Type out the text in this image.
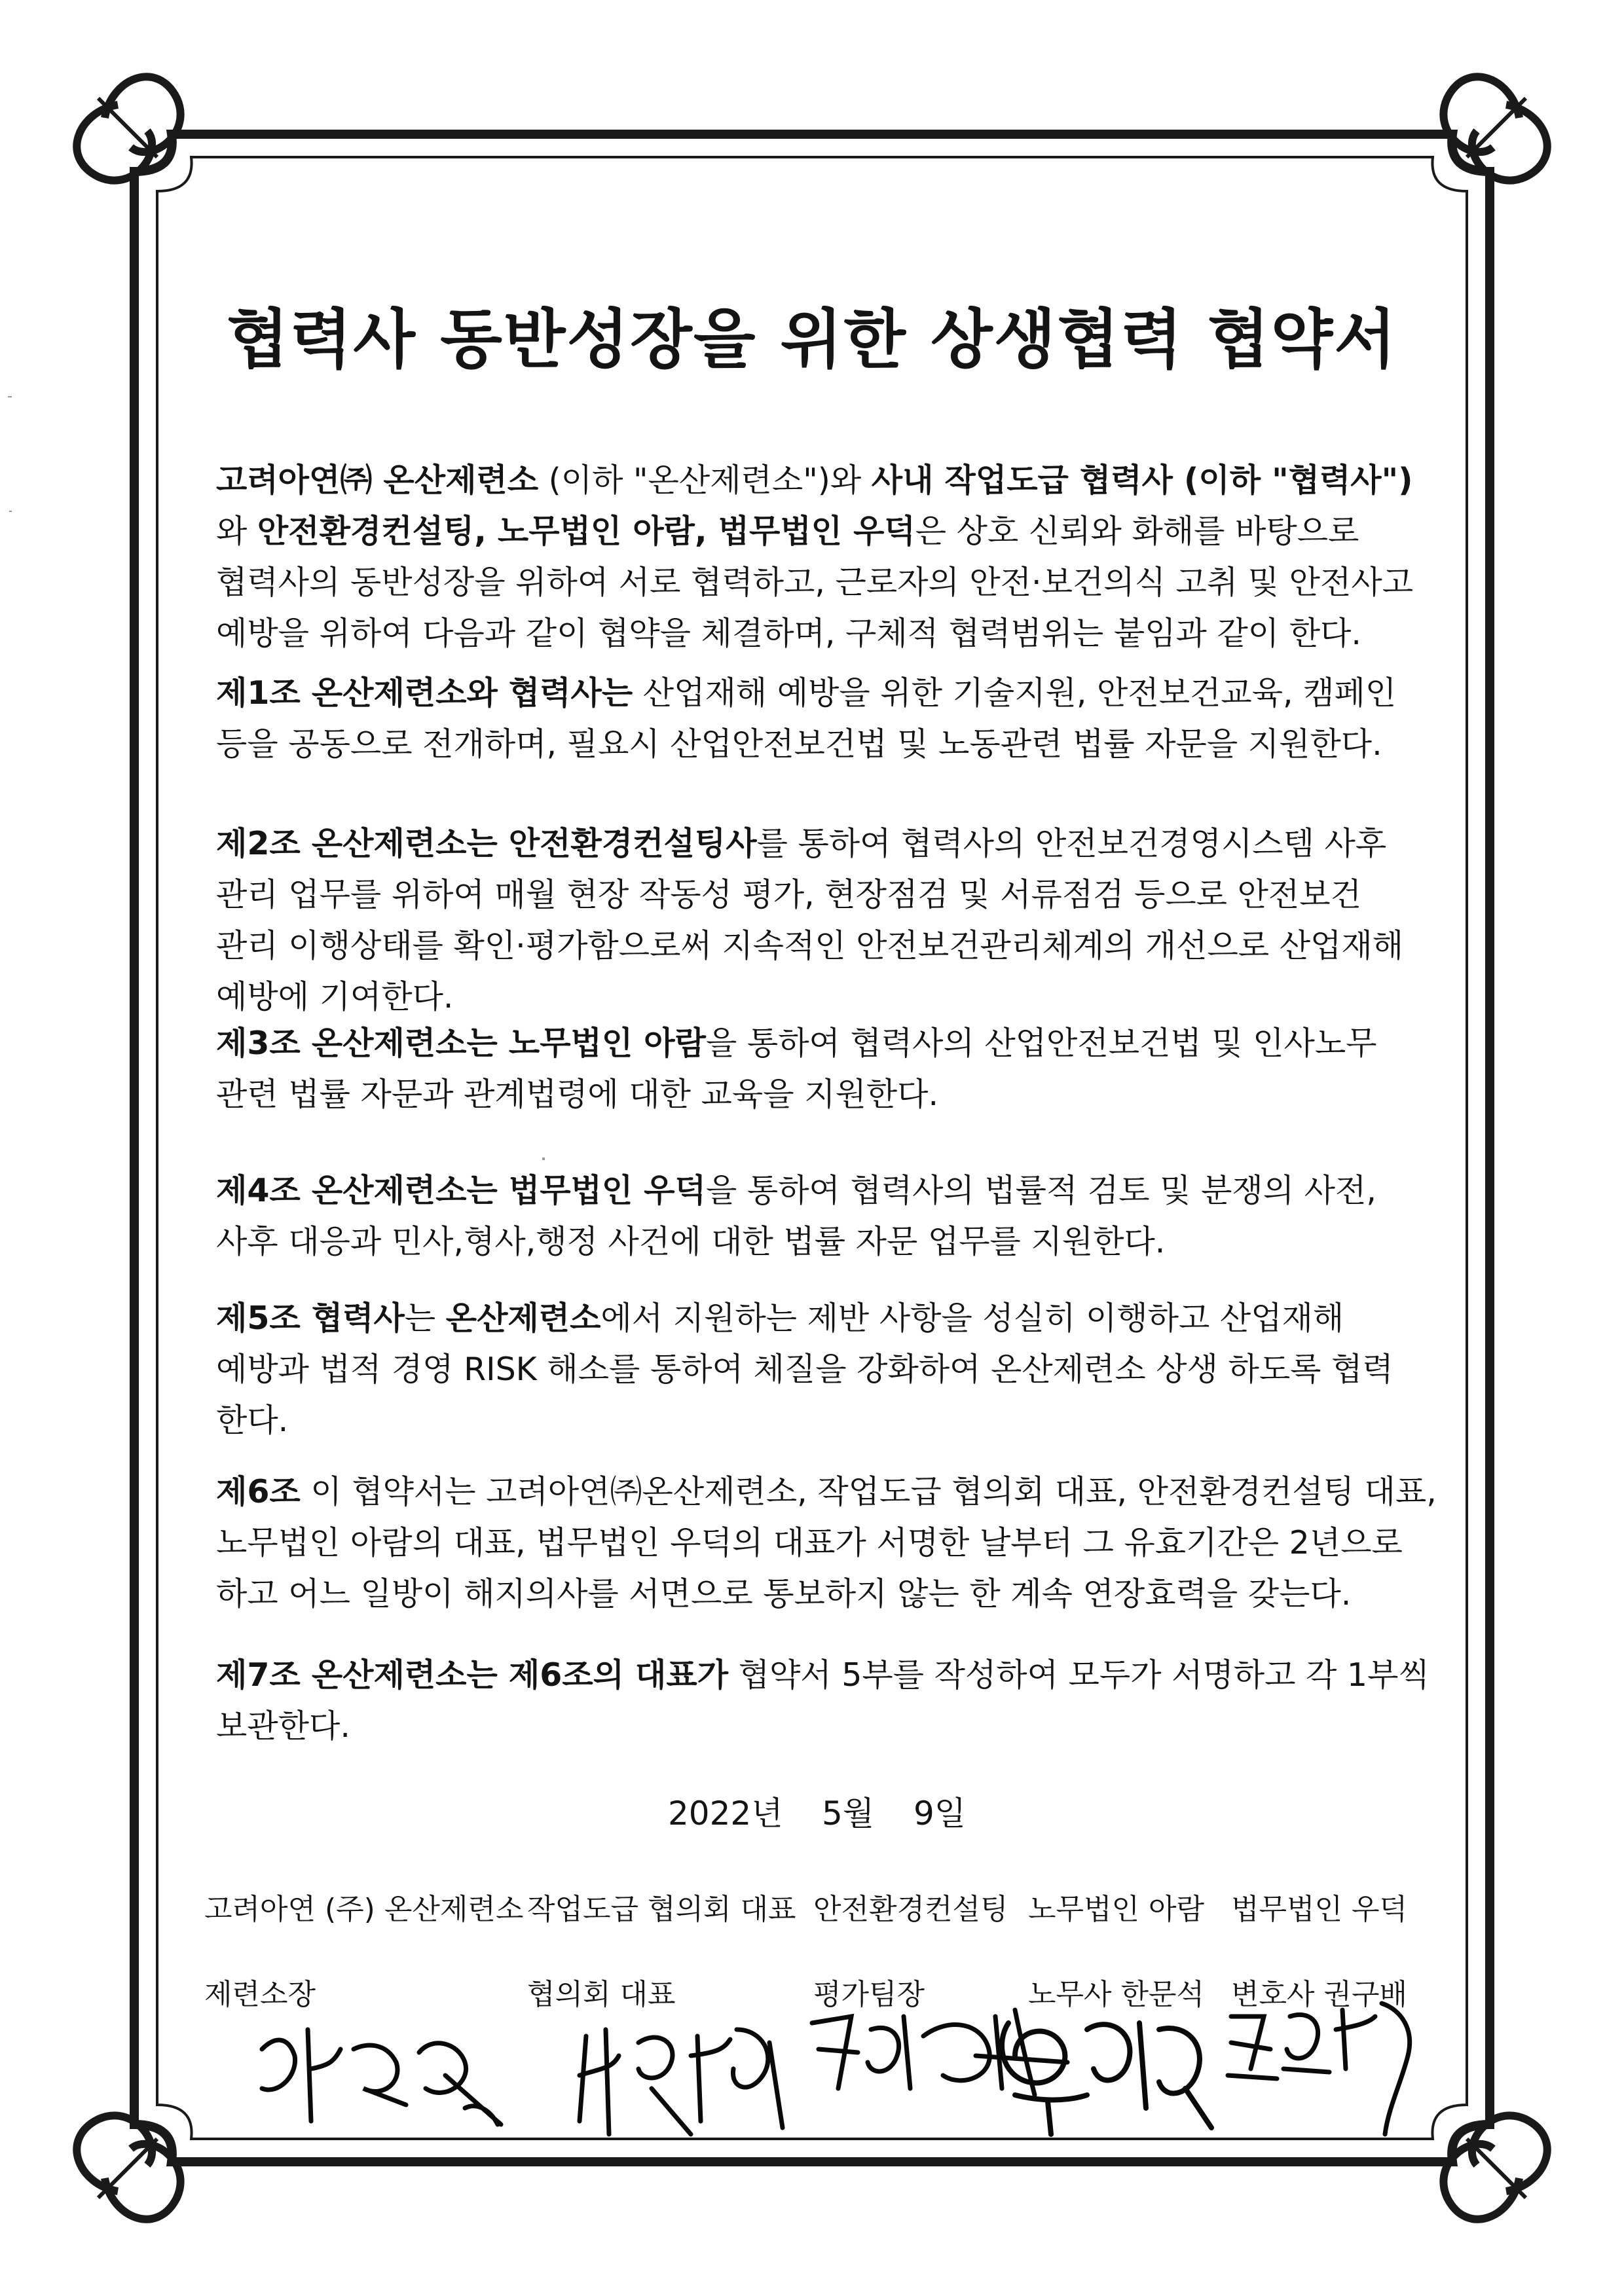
협력사 동반성장을 위한 상생협력 협약서
고려아연㈜ 온산제련소 (이하 "온산제련소")와 사내 작업도급 협력사 (이하 "협력사")
와 안전환경컨설팅, 노무법인 아람, 법무법인 우덕은 상호 신뢰와 화해를 바탕으로
협력사의 동반성장을 위하여 서로 협력하고, 근로자의 안전·보건의식 고취 및 안전사고
예방을 위하여 다음과 같이 협약을 체결하며, 구체적 협력범위는 붙임과 같이 한다.
제1조 온산제련소와 협력사는 산업재해 예방을 위한 기술지원, 안전보건교육, 캠페인
등을 공동으로 전개하며, 필요시 산업안전보건법 및 노동관련 법률 자문을 지원한다.
제2조 온산제련소는 안전환경컨설팅사를 통하여 협력사의 안전보건경영시스템 사후
관리 업무를 위하여 매월 현장 작동성 평가, 현장점검 및 서류점검 등으로 안전보건
관리 이행상태를 확인·평가함으로써 지속적인 안전보건관리체계의 개선으로 산업재해
예방에 기여한다.
제3조 온산제련소는 노무법인 아람을 통하여 협력사의 산업안전보건법 및 인사노무
관련 법률 자문과 관계법령에 대한 교육을 지원한다.
제4조 온산제련소는 법무법인 우덕을 통하여 협력사의 법률적 검토 및 분쟁의 사전,
사후 대응과 민사,형사,행정 사건에 대한 법률 자문 업무를 지원한다.
제5조 협력사는 온산제련소에서 지원하는 제반 사항을 성실히 이행하고 산업재해
예방과 법적 경영 RISK 해소를 통하여 체질을 강화하여 온산제련소 상생 하도록 협력
한다.
제6조 이 협약서는 고려아연㈜온산제련소, 작업도급 협의회 대표, 안전환경컨설팅 대표,
노무법인 아람의 대표, 법무법인 우덕의 대표가 서명한 날부터 그 유효기간은 2년으로
하고 어느 일방이 해지의사를 서면으로 통보하지 않는 한 계속 연장효력을 갖는다.
제7조 온산제련소는 제6조의 대표가 협약서 5부를 작성하여 모두가 서명하고 각 1부씩
보관한다.
2022년 5월 9일
고려아연 (주) 온산제련소 작업도급 협의회 대표 안전환경컨설팅 노무법인 아람 법무법인 우덕
제련소장	협의회 대표	평가팀장	노무사 한문석 변호사 권구배
